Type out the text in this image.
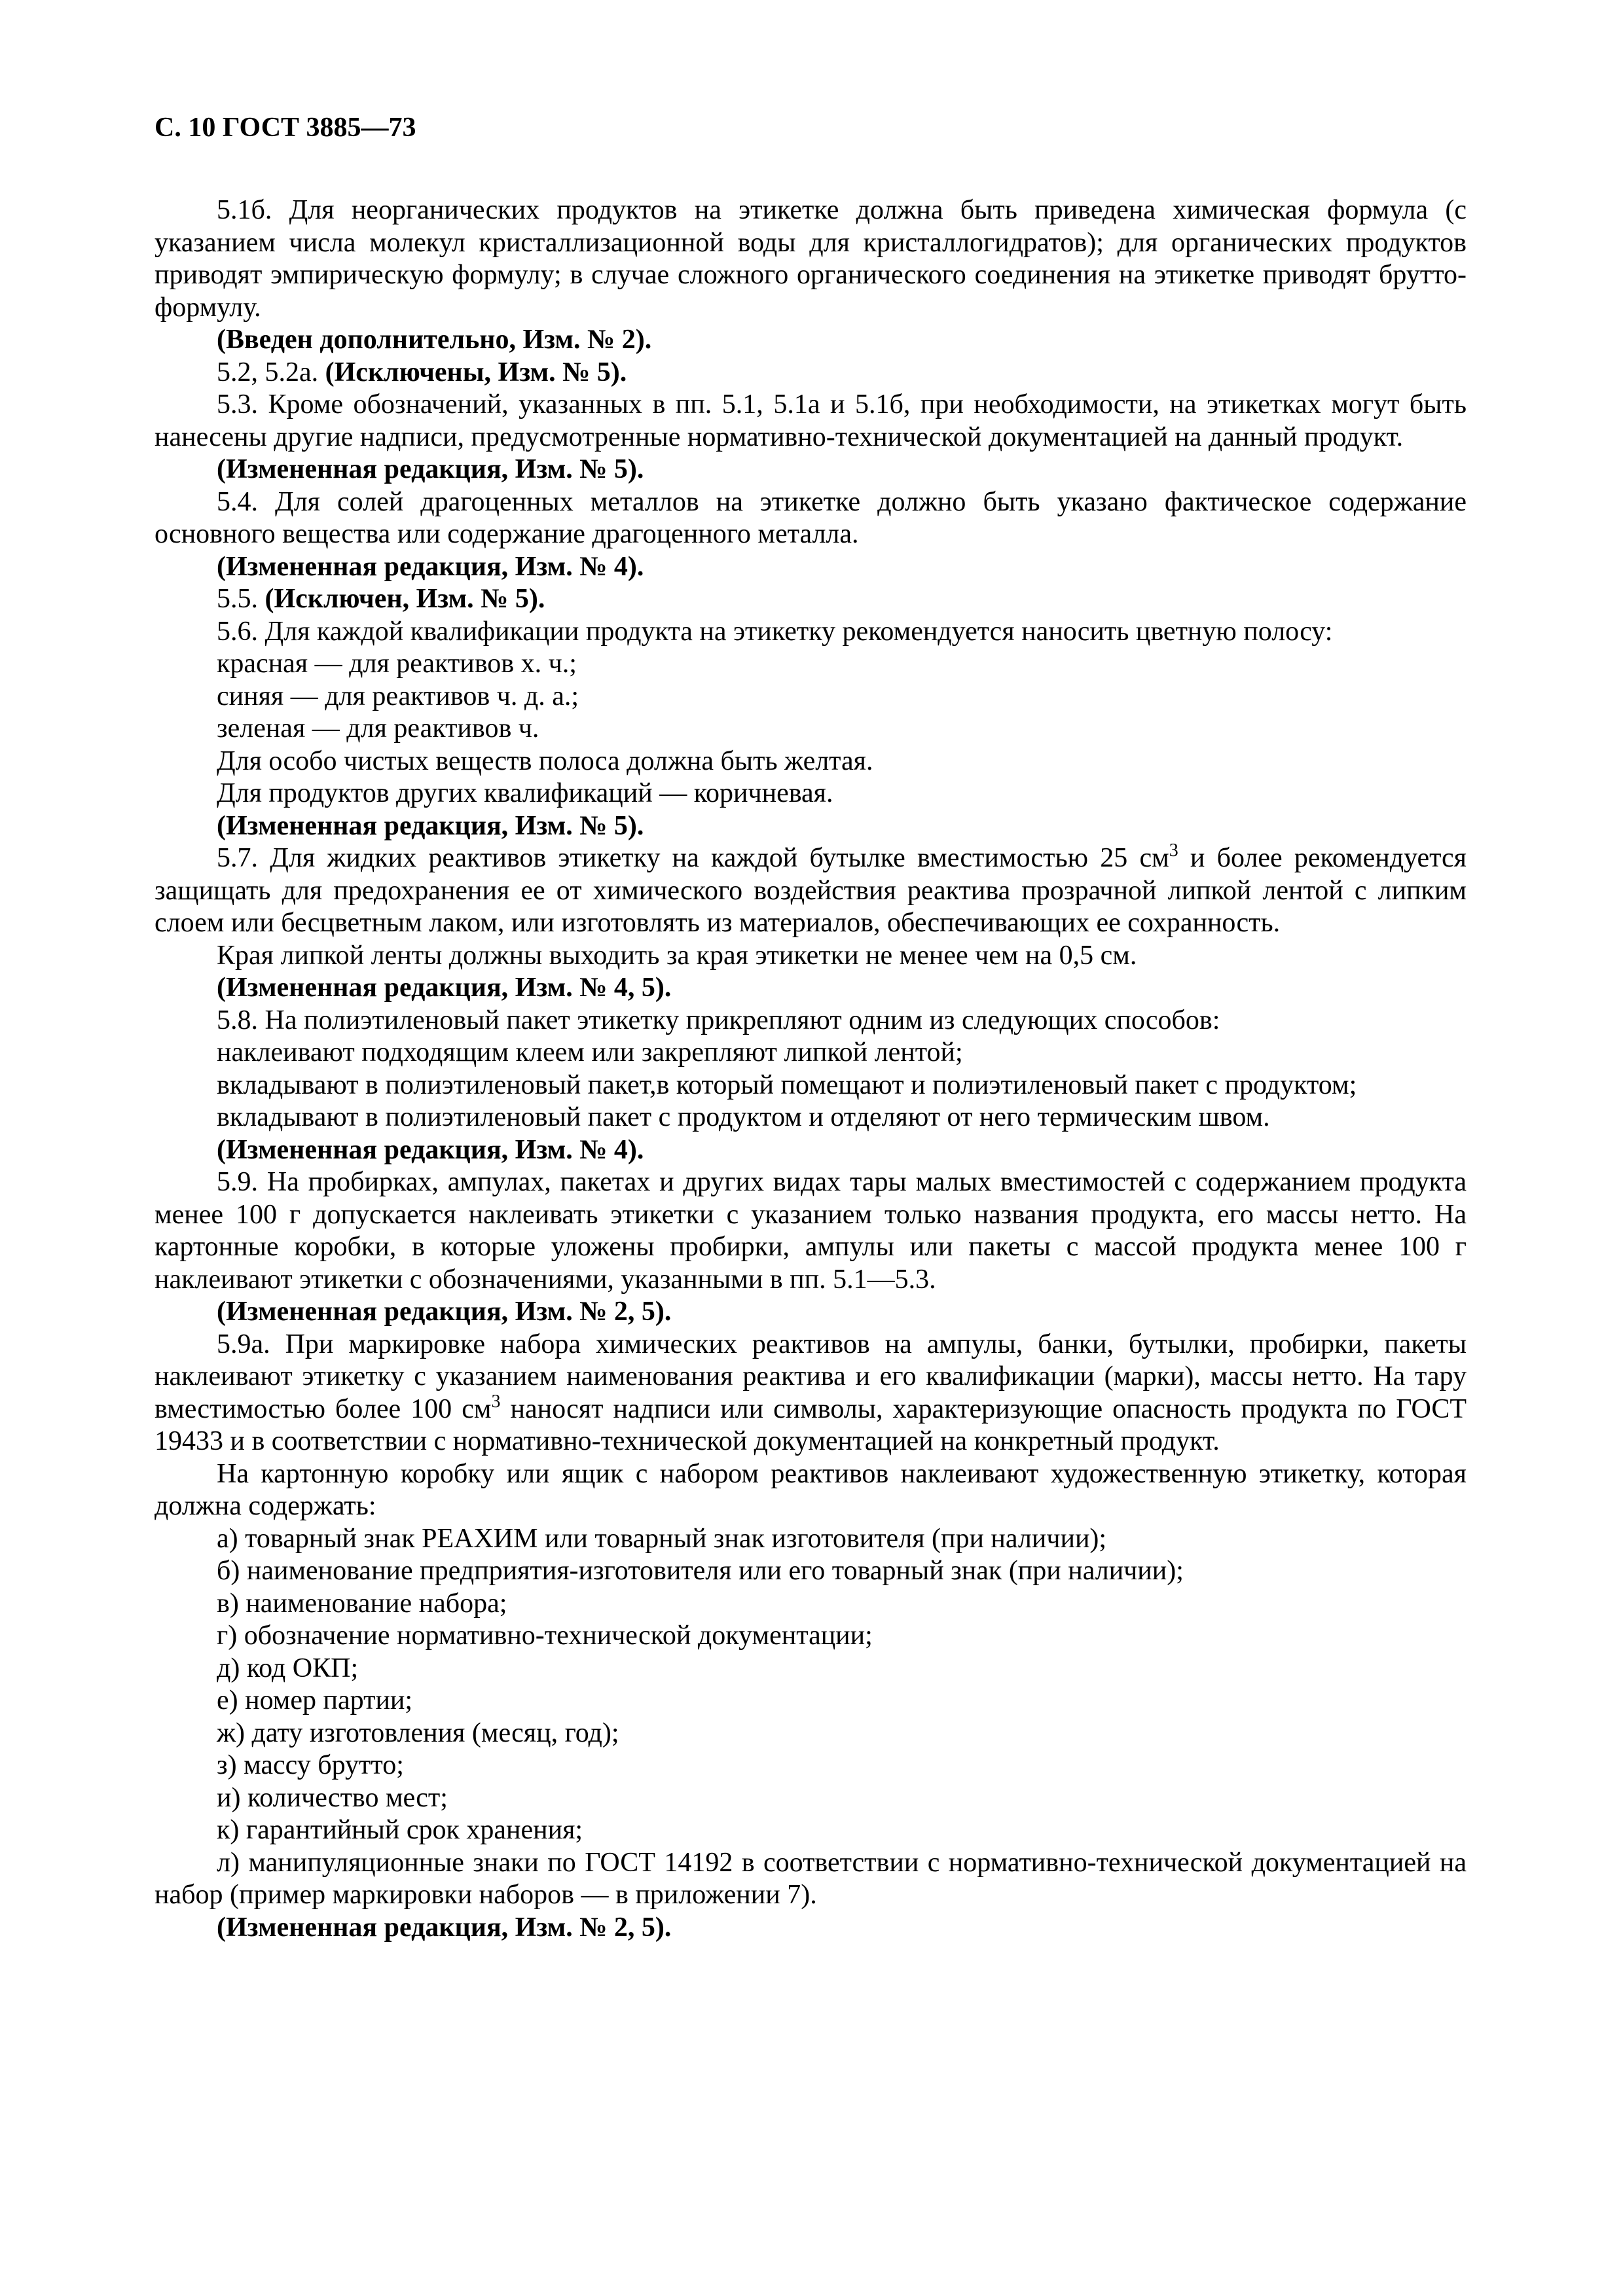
С. 10 ГОСТ 3885—73

5.1б. Для неорганических продуктов на этикетке должна быть приведена химическая формула (с указанием числа молекул кристаллизационной воды для кристаллогидратов); для органических продуктов приводят эмпирическую формулу; в случае сложного органического соединения на этикетке приводят брутто-формулу.

(Введен дополнительно, Изм. № 2).

5.2, 5.2а. (Исключены, Изм. № 5).

5.3. Кроме обозначений, указанных в пп. 5.1, 5.1а и 5.1б, при необходимости, на этикетках могут быть нанесены другие надписи, предусмотренные нормативно-технической документацией на данный продукт.

(Измененная редакция, Изм. № 5).

5.4. Для солей драгоценных металлов на этикетке должно быть указано фактическое содержание основного вещества или содержание драгоценного металла.

(Измененная редакция, Изм. № 4).

5.5. (Исключен, Изм. № 5).

5.6. Для каждой квалификации продукта на этикетку рекомендуется наносить цветную полосу:

красная — для реактивов х. ч.;

синяя — для реактивов ч. д. а.;

зеленая — для реактивов ч.

Для особо чистых веществ полоса должна быть желтая.

Для продуктов других квалификаций — коричневая.

(Измененная редакция, Изм. № 5).

5.7. Для жидких реактивов этикетку на каждой бутылке вместимостью 25 $см^3$ и более рекомендуется защищать для предохранения ее от химического воздействия реактива прозрачной липкой лентой с липким слоем или бесцветным лаком, или изготовлять из материалов, обеспечивающих ее сохранность.

Края липкой ленты должны выходить за края этикетки не менее чем на 0,5 см.

(Измененная редакция, Изм. № 4, 5).

5.8. На полиэтиленовый пакет этикетку прикрепляют одним из следующих способов:

наклеивают подходящим клеем или закрепляют липкой лентой;

вкладывают в полиэтиленовый пакет,в который помещают и полиэтиленовый пакет с продуктом;

вкладывают в полиэтиленовый пакет с продуктом и отделяют от него термическим швом.

(Измененная редакция, Изм. № 4).

5.9. На пробирках, ампулах, пакетах и других видах тары малых вместимостей с содержанием продукта менее 100 г допускается наклеивать этикетки с указанием только названия продукта, его массы нетто. На картонные коробки, в которые уложены пробирки, ампулы или пакеты с массой продукта менее 100 г наклеивают этикетки с обозначениями, указанными в пп. 5.1—5.3.

(Измененная редакция, Изм. № 2, 5).

5.9а. При маркировке набора химических реактивов на ампулы, банки, бутылки, пробирки, пакеты наклеивают этикетку с указанием наименования реактива и его квалификации (марки), массы нетто. На тару вместимостью более 100 $см^3$ наносят надписи или символы, характеризующие опасность продукта по ГОСТ 19433 и в соответствии с нормативно-технической документацией на конкретный продукт.

На картонную коробку или ящик с набором реактивов наклеивают художественную этикетку, которая должна содержать:

а) товарный знак РЕАХИМ или товарный знак изготовителя (при наличии);

б) наименование предприятия-изготовителя или его товарный знак (при наличии);

в) наименование набора;

г) обозначение нормативно-технической документации;

д) код ОКП;

е) номер партии;

ж) дату изготовления (месяц, год);

з) массу брутто;

и) количество мест;

к) гарантийный срок хранения;

л) манипуляционные знаки по ГОСТ 14192 в соответствии с нормативно-технической документацией на набор (пример маркировки наборов — в приложении 7).

(Измененная редакция, Изм. № 2, 5).
